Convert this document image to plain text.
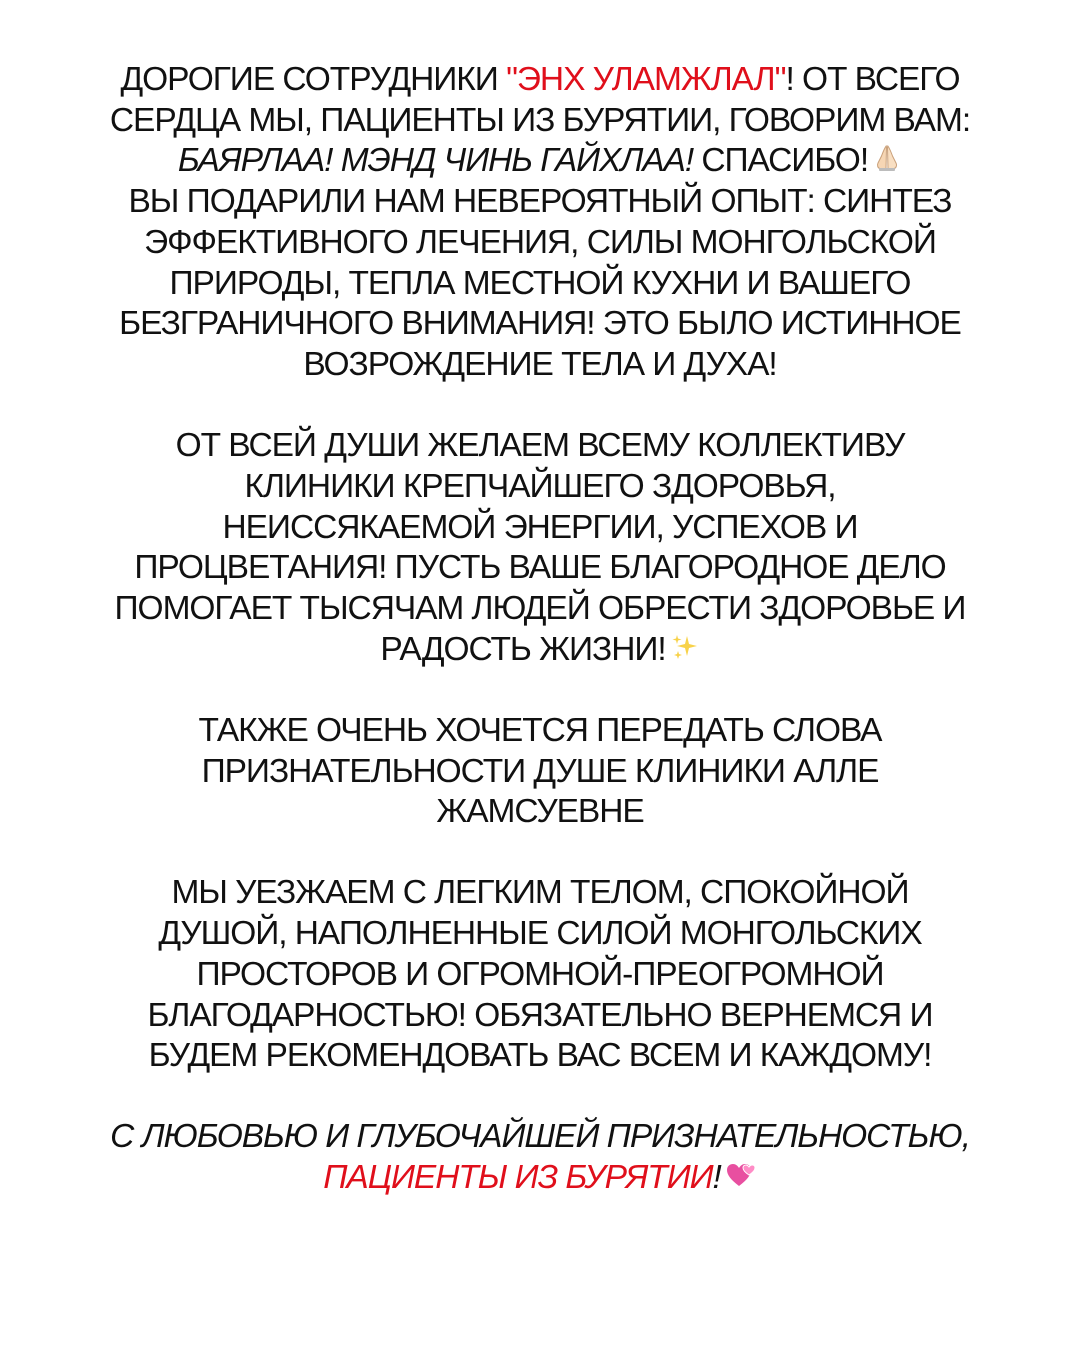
ДОРОГИЕ СОТРУДНИКИ "ЭНХ УЛАМЖЛАЛ"! ОТ ВСЕГО
СЕРДЦА МЫ, ПАЦИЕНТЫ ИЗ БУРЯТИИ, ГОВОРИМ ВАМ:
БАЯРЛАА! МЭНД ЧИНЬ ГАЙХЛАА! СПАСИБО!
ВЫ ПОДАРИЛИ НАМ НЕВЕРОЯТНЫЙ ОПЫТ: СИНТЕЗ
ЭФФЕКТИВНОГО ЛЕЧЕНИЯ, СИЛЫ МОНГОЛЬСКОЙ
ПРИРОДЫ, ТЕПЛА МЕСТНОЙ КУХНИ И ВАШЕГО
БЕЗГРАНИЧНОГО ВНИМАНИЯ! ЭТО БЫЛО ИСТИННОЕ
ВОЗРОЖДЕНИЕ ТЕЛА И ДУХА!

ОТ ВСЕЙ ДУШИ ЖЕЛАЕМ ВСЕМУ КОЛЛЕКТИВУ
КЛИНИКИ КРЕПЧАЙШЕГО ЗДОРОВЬЯ,
НЕИССЯКАЕМОЙ ЭНЕРГИИ, УСПЕХОВ И
ПРОЦВЕТАНИЯ! ПУСТЬ ВАШЕ БЛАГОРОДНОЕ ДЕЛО
ПОМОГАЕТ ТЫСЯЧАМ ЛЮДЕЙ ОБРЕСТИ ЗДОРОВЬЕ И
РАДОСТЬ ЖИЗНИ!

ТАКЖЕ ОЧЕНЬ ХОЧЕТСЯ ПЕРЕДАТЬ СЛОВА
ПРИЗНАТЕЛЬНОСТИ ДУШЕ КЛИНИКИ АЛЛЕ
ЖАМСУЕВНЕ

МЫ УЕЗЖАЕМ С ЛЕГКИМ ТЕЛОМ, СПОКОЙНОЙ
ДУШОЙ, НАПОЛНЕННЫЕ СИЛОЙ МОНГОЛЬСКИХ
ПРОСТОРОВ И ОГРОМНОЙ-ПРЕОГРОМНОЙ
БЛАГОДАРНОСТЬЮ! ОБЯЗАТЕЛЬНО ВЕРНЕМСЯ И
БУДЕМ РЕКОМЕНДОВАТЬ ВАС ВСЕМ И КАЖДОМУ!

С ЛЮБОВЬЮ И ГЛУБОЧАЙШЕЙ ПРИЗНАТЕЛЬНОСТЬЮ,
ПАЦИЕНТЫ ИЗ БУРЯТИИ!
